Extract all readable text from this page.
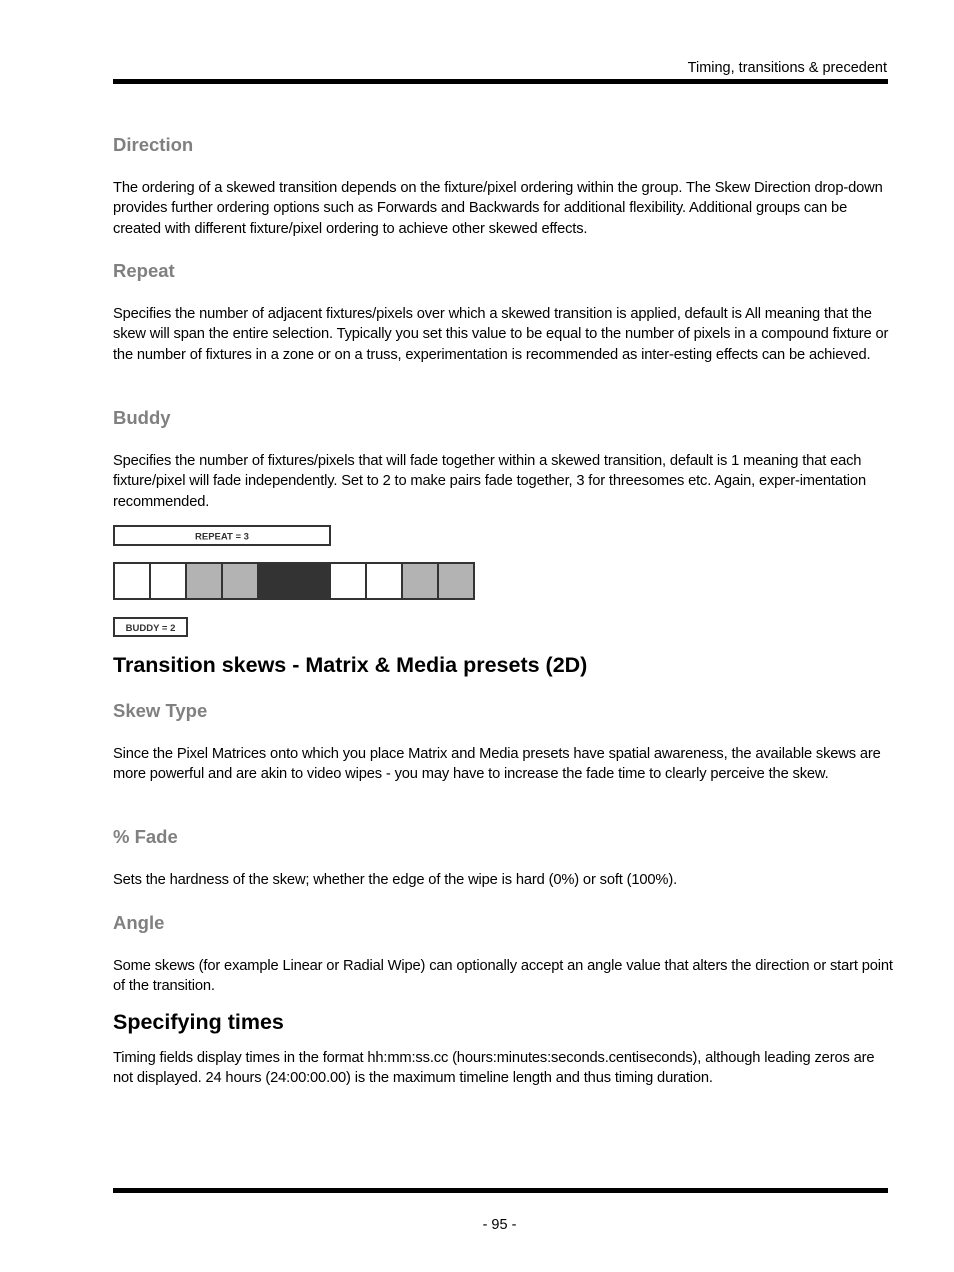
Timing, transitions & precedent
Direction

The ordering of a skewed transition depends on the fixture/pixel ordering within the group. The Skew Direction drop-down provides further ordering options such as Forwards and Backwards for additional flexibility. Additional groups can be created with different fixture/pixel ordering to achieve other skewed effects.

Repeat

Specifies the number of adjacent fixtures/pixels over which a skewed transition is applied, default is All meaning that the skew will span the entire selection. Typically you set this value to be equal to the number of pixels in a compound fixture or the number of fixtures in a zone or on a truss, experimentation is recommended as inter-esting effects can be achieved.

Buddy

Specifies the number of fixtures/pixels that will fade together within a skewed transition, default is 1 meaning that each fixture/pixel will fade independently. Set to 2 to make pairs fade together, 3 for threesomes etc. Again, exper-imentation recommended.

Transition skews - Matrix & Media presets (2D)
Skew Type

Since the Pixel Matrices onto which you place Matrix and Media presets have spatial awareness, the available skews are more powerful and are akin to video wipes - you may have to increase the fade time to clearly perceive the skew.

% Fade

Sets the hardness of the skew; whether the edge of the wipe is hard (0%) or soft (100%).

Angle

Some skews (for example Linear or Radial Wipe) can optionally accept an angle value that alters the direction or start point of the transition.

Specifying times

Timing fields display times in the format hh:mm:ss.cc (hours:minutes:seconds.centiseconds), although leading zeros are not displayed. 24 hours (24:00:00.00) is the maximum timeline length and thus timing duration.

REPEAT = 3
BUDDY = 2
- 95 -
